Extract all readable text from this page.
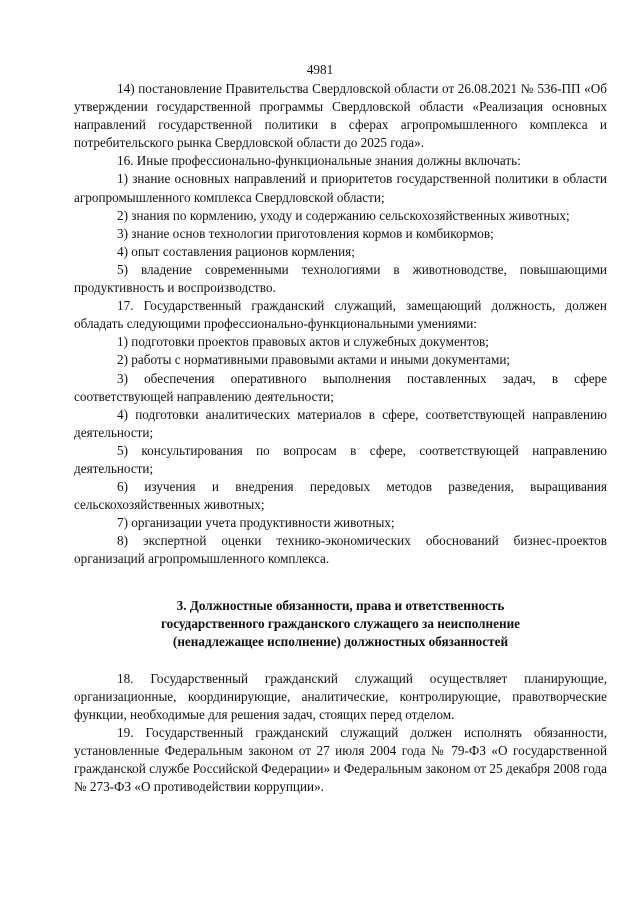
4981

14) постановление Правительства Свердловской области от 26.08.2021 № 536-ПП «Об утверждении государственной программы Свердловской области «Реализация основных направлений государственной политики в сферах агропромышленного комплекса и потребительского рынка Свердловской области до 2025 года».

16. Иные профессионально-функциональные знания должны включать:

1) знание основных направлений и приоритетов государственной политики в области агропромышленного комплекса Свердловской области;

2) знания по кормлению, уходу и содержанию сельскохозяйственных животных;

3) знание основ технологии приготовления кормов и комбикормов;

4) опыт составления рационов кормления;

5) владение современными технологиями в животноводстве, повышающими продуктивность и воспроизводство.

17. Государственный гражданский служащий, замещающий должность, должен обладать следующими профессионально-функциональными умениями:

1) подготовки проектов правовых актов и служебных документов;

2) работы с нормативными правовыми актами и иными документами;

3) обеспечения оперативного выполнения поставленных задач, в сфере соответствующей направлению деятельности;

4) подготовки аналитических материалов в сфере, соответствующей направлению деятельности;

5) консультирования по вопросам в сфере, соответствующей направлению деятельности;

6) изучения и внедрения передовых методов разведения, выращивания сельскохозяйственных животных;

7) организации учета продуктивности животных;

8) экспертной оценки технико-экономических обоснований бизнес-проектов организаций агропромышленного комплекса.

3. Должностные обязанности, права и ответственность
государственного гражданского служащего за неисполнение
(ненадлежащее исполнение) должностных обязанностей

18. Государственный гражданский служащий осуществляет планирующие, организационные, координирующие, аналитические, контролирующие, правотворческие функции, необходимые для решения задач, стоящих перед отделом.

19. Государственный гражданский служащий должен исполнять обязанности, установленные Федеральным законом от 27 июля 2004 года № 79-ФЗ «О государственной гражданской службе Российской Федерации» и Федеральным законом от 25 декабря 2008 года № 273-ФЗ «О противодействии коррупции».
